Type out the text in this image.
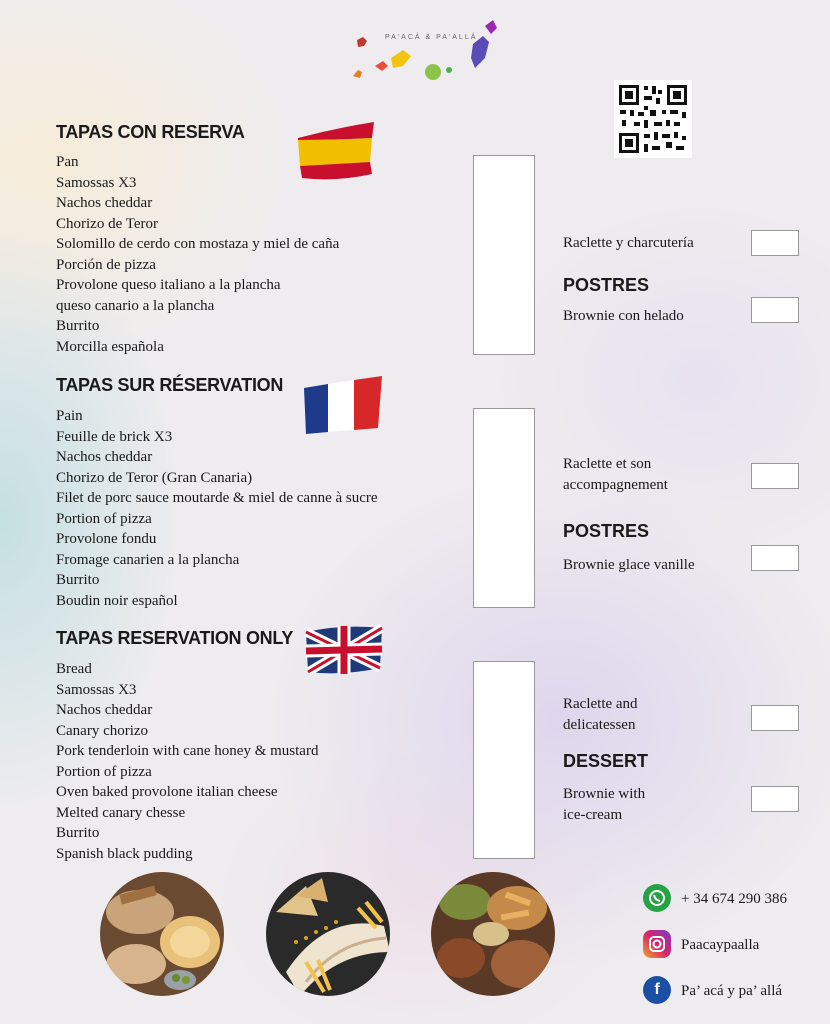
PA'ACÁ & PA'ALLÁ
TAPAS CON RESERVA
Pan
Samossas X3
Nachos cheddar
Chorizo de Teror
Solomillo de cerdo con mostaza y miel de caña
Porción de pizza
Provolone queso italiano a la plancha
queso canario a la plancha
Burrito
Morcilla española
Raclette y charcutería
POSTRES
Brownie con helado
TAPAS SUR RÉSERVATION
Pain
Feuille de brick X3
Nachos cheddar
Chorizo de Teror (Gran Canaria)
Filet de porc sauce moutarde & miel de canne à sucre
Portion of pizza
Provolone fondu
Fromage canarien a la plancha
Burrito
Boudin noir español
Raclette et son
accompagnement
POSTRES
Brownie glace vanille
TAPAS RESERVATION ONLY
Bread
Samossas X3
Nachos cheddar
Canary chorizo
Pork tenderloin with cane honey & mustard
Portion of pizza
Oven baked provolone italian cheese
Melted canary chesse
Burrito
Spanish black pudding
Raclette and
delicatessen
DESSERT
Brownie with
ice-cream
+ 34 674 290 386
Paacaypaalla
f	Pa’ acá y pa’ allá
